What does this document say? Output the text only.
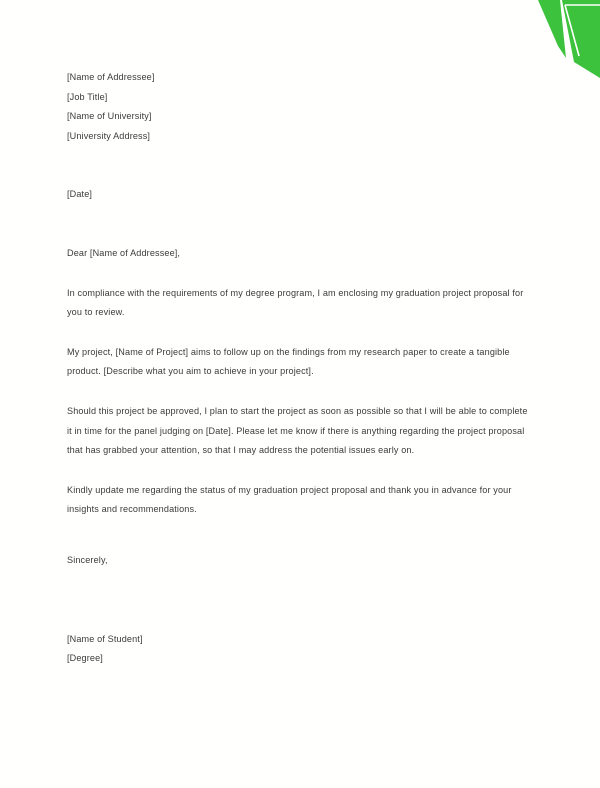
[Name of Addressee]
[Job Title]
[Name of University]
[University Address]
[Date]
Dear [Name of Addressee],

In compliance with the requirements of my degree program, I am enclosing my graduation project proposal for you to review.

My project, [Name of Project] aims to follow up on the findings from my research paper to create a tangible product. [Describe what you aim to achieve in your project].

Should this project be approved, I plan to start the project as soon as possible so that I will be able to complete it in time for the panel judging on [Date]. Please let me know if there is anything regarding the project proposal that has grabbed your attention, so that I may address the potential issues early on.

Kindly update me regarding the status of my graduation project proposal and thank you in advance for your insights and recommendations.

Sincerely,
[Name of Student]
[Degree]
